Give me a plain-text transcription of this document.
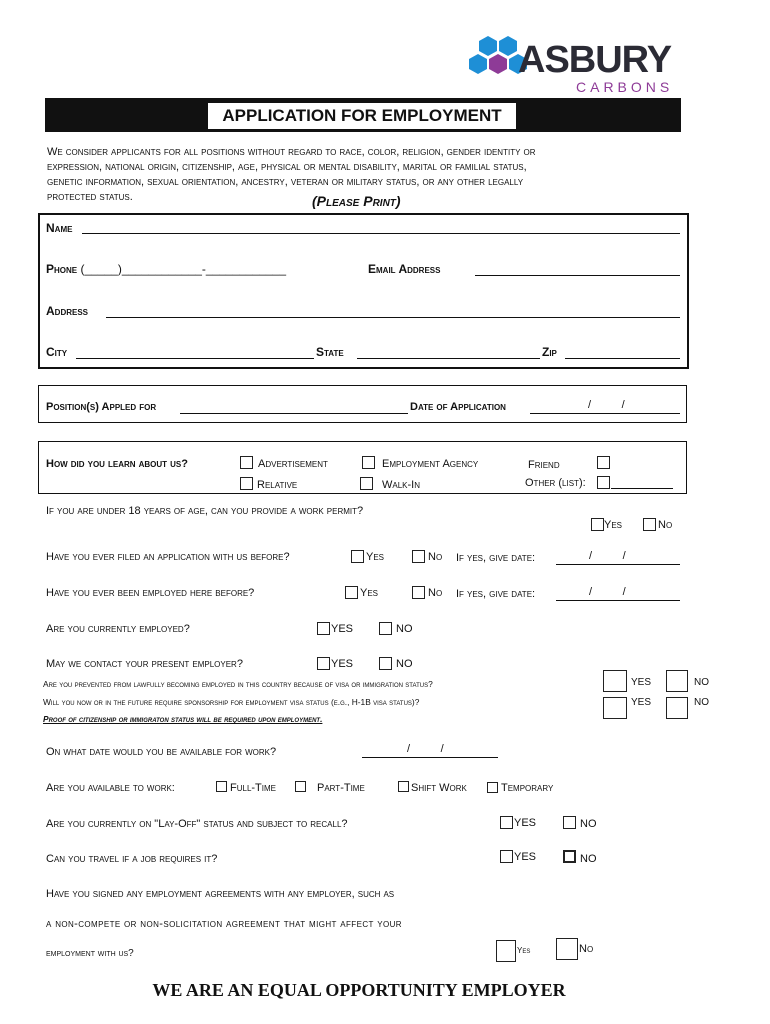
ASBURY
CARBONS
APPLICATION FOR EMPLOYMENT
We consider applicants for all positions without regard to race, color, religion, gender identity or
expression, national origin, citizenship, age, physical or mental disability, marital or familial status,
genetic information, sexual orientation, ancestry, veteran or military status, or any other legally
protected status.	(Please Print)
Name
Phone (_____)____________-____________	Email Address
Address
City	State	Zip
Position(s) Appled for	Date of Application	/          /
How did you learn about us?	Advertisement	Employment Agency	Friend
Relative	Walk-In	Other (list):
If you are under 18 years of age, can you provide a work permit?
Yes	No
Have you ever filed an application with us before?	Yes	No If yes, give date:	/          /
Have you ever been employed here before?	Yes	No If yes, give date:	/          /
Are you currently employed?	YES	NO
May we contact your present employer?	YES	NO
Are you prevented from lawfully becoming employed in this country because of visa or immigration status?	YES	NO
Will you now or in the future require sponsorship for employment visa status (e.g., H-1B visa status)?	YES	NO
Proof of citizenship or immigraton status will be required upon employment.
On what date would you be available for work?	/          /
Are you available to work:	Full-Time	Part-Time	Shift Work	Temporary
Are you currently on "Lay-Off" status and subject to recall?	YES	NO
Can you travel if a job requires it?	YES	NO
Have you signed any employment agreements with any employer, such as
a non-compete or non-solicitation agreement that might affect your
employment with us?	Yes	No
WE ARE AN EQUAL OPPORTUNITY EMPLOYER
